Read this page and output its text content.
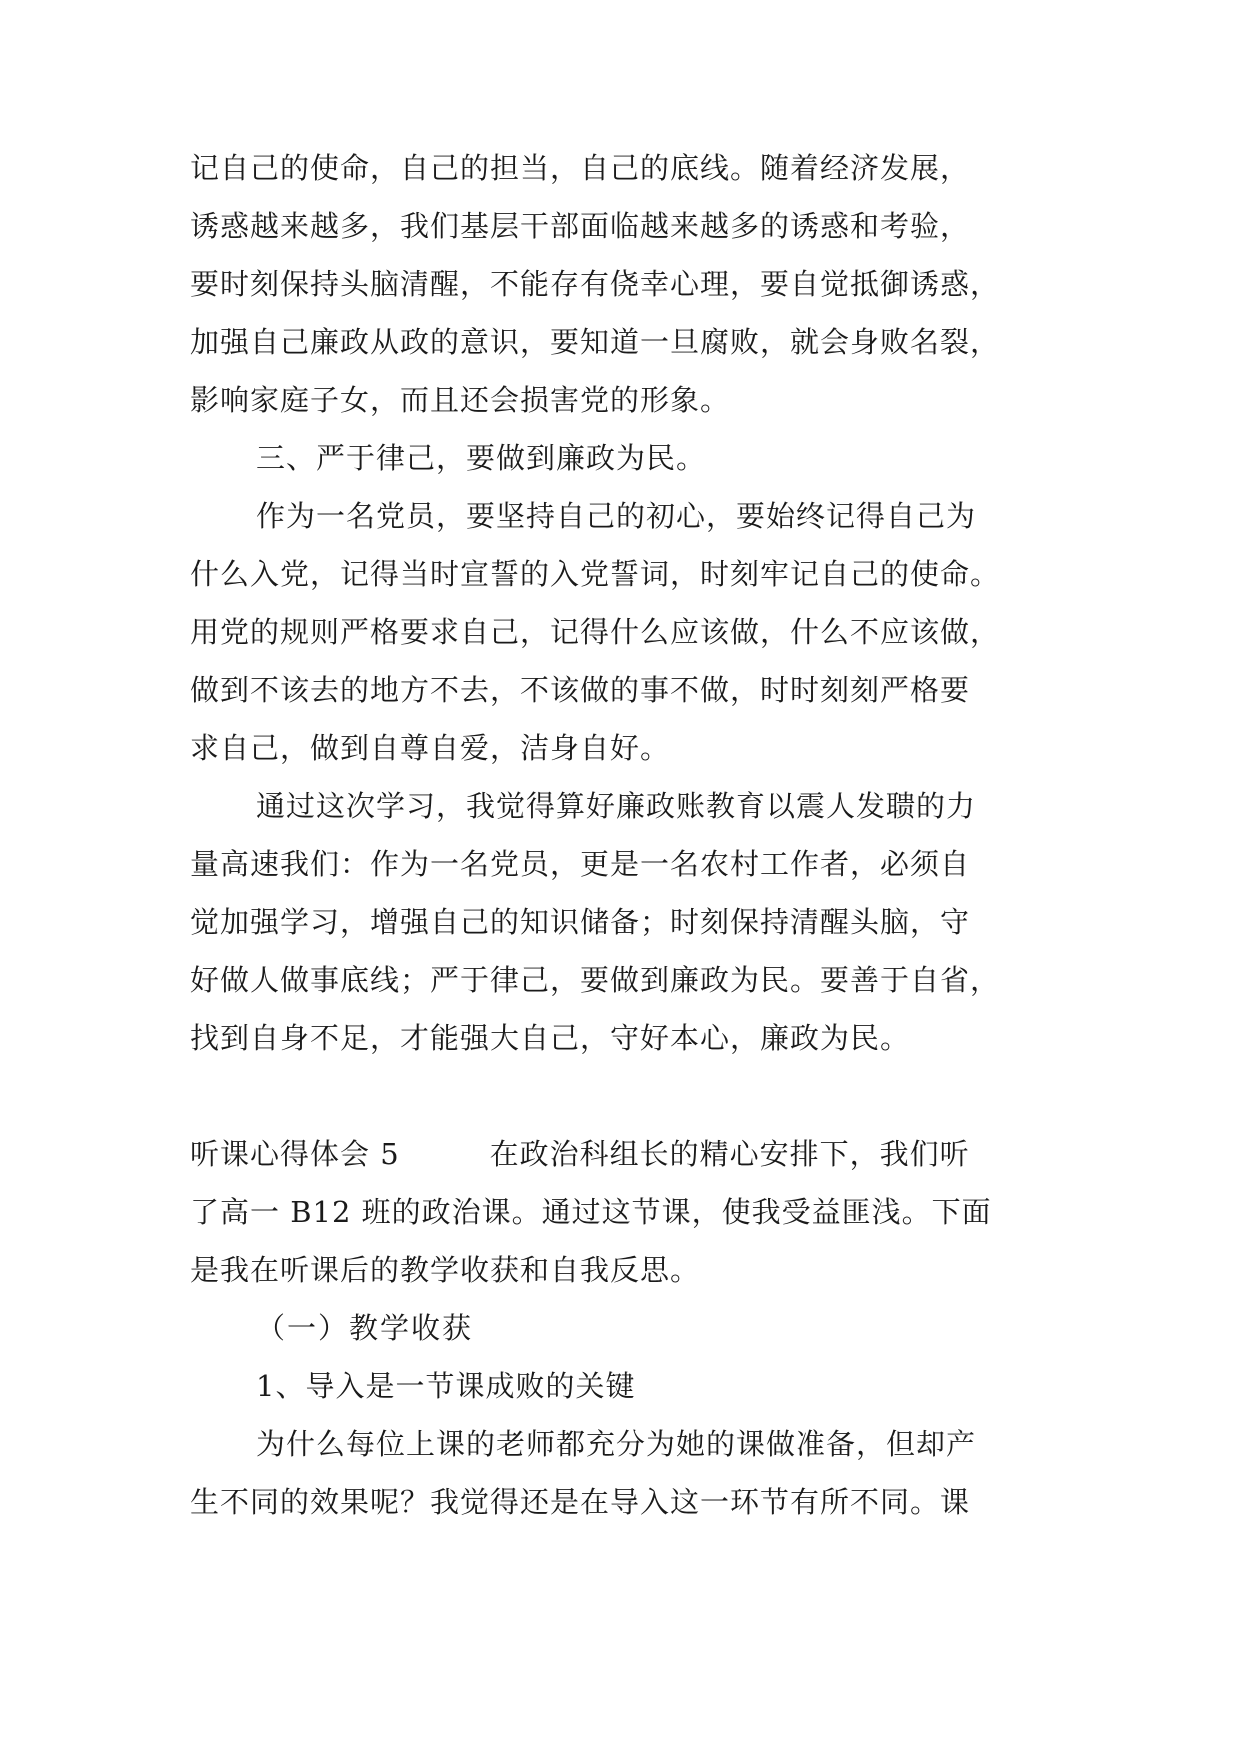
记自己的使命，自己的担当，自己的底线。随着经济发展，
诱惑越来越多，我们基层干部面临越来越多的诱惑和考验，
要时刻保持头脑清醒，不能存有侥幸心理，要自觉抵御诱惑，
加强自己廉政从政的意识，要知道一旦腐败，就会身败名裂，
影响家庭子女，而且还会损害党的形象。
三、严于律己，要做到廉政为民。
作为一名党员，要坚持自己的初心，要始终记得自己为
什么入党，记得当时宣誓的入党誓词，时刻牢记自己的使命。
用党的规则严格要求自己，记得什么应该做，什么不应该做，
做到不该去的地方不去，不该做的事不做，时时刻刻严格要
求自己，做到自尊自爱，洁身自好。
通过这次学习，我觉得算好廉政账教育以震人发聩的力
量高速我们：作为一名党员，更是一名农村工作者，必须自
觉加强学习，增强自己的知识储备；时刻保持清醒头脑，守
好做人做事底线；严于律己，要做到廉政为民。要善于自省，
找到自身不足，才能强大自己，守好本心，廉政为民。
听课心得体会 5　　　在政治科组长的精心安排下，我们听
了高一 B12 班的政治课。通过这节课，使我受益匪浅。下面
是我在听课后的教学收获和自我反思。
（一）教学收获
1、导入是一节课成败的关键
为什么每位上课的老师都充分为她的课做准备，但却产
生不同的效果呢？我觉得还是在导入这一环节有所不同。课
